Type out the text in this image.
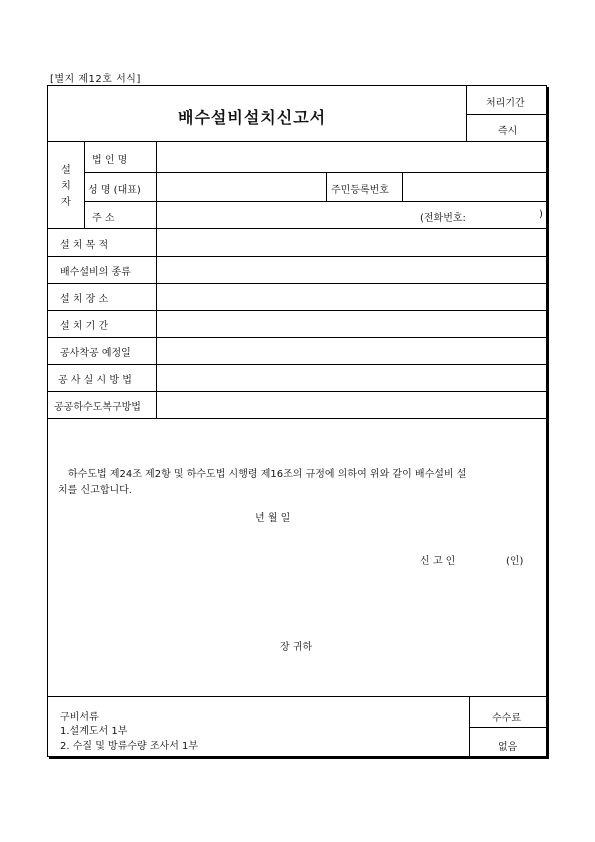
[별지 제12호 서식]
배수설비설치신고서
처리기간
즉시
설치자
법 인 명
성 명 (대표)	주민등록번호
주 소	(전화번호:	)
설 치 목 적
배수설비의 종류
설 치 장 소
설 치 기 간
공사착공 예정일
공 사 실 시 방 법
공공하수도복구방법
하수도법 제24조 제2항 및 하수도법 시행령 제16조의 규정에 의하여 위와 같이 배수설비 설
치를 신고합니다.
년 월 일
신 고 인	(인)
장 귀하
구비서류
1.설계도서 1부
2. 수질 및 방류수량 조사서 1부
수수료
없음
